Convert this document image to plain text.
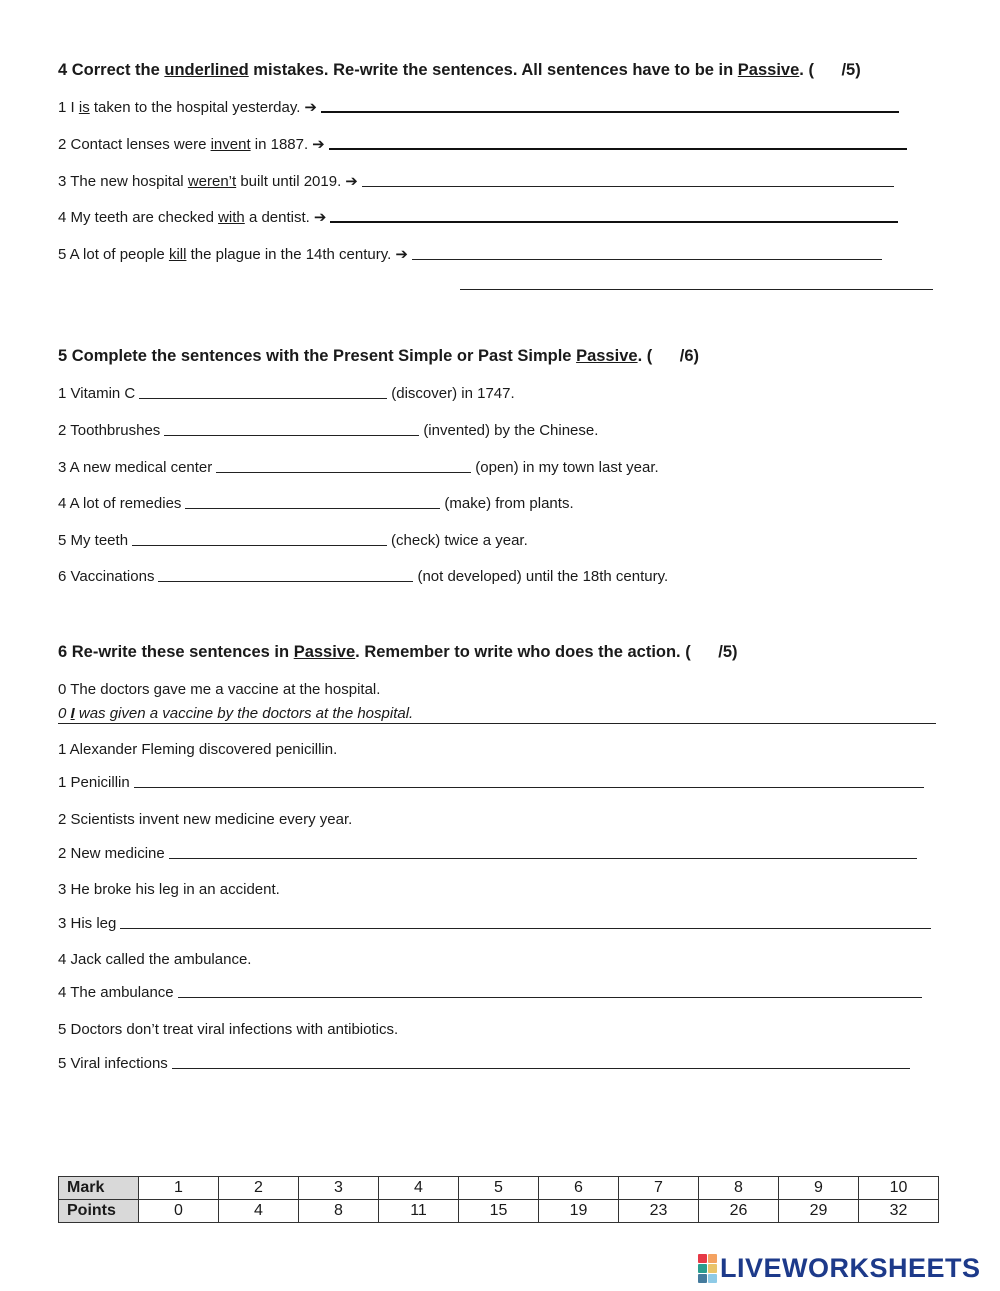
4 Correct the underlined mistakes. Re-write the sentences. All sentences have to be in Passive. (      /5)
1 I is taken to the hospital yesterday. ➔
2 Contact lenses were invent in 1887. ➔
3 The new hospital weren’t built until 2019. ➔
4 My teeth are checked with a dentist. ➔
5 A lot of people kill the plague in the 14th century. ➔
5 Complete the sentences with the Present Simple or Past Simple Passive. (      /6)
1 Vitamin C	(discover) in 1747.
2 Toothbrushes	(invented) by the Chinese.
3 A new medical center	(open) in my town last year.
4 A lot of remedies	(make) from plants.
5 My teeth	(check) twice a year.
6 Vaccinations	(not developed) until the 18th century.
6 Re-write these sentences in Passive. Remember to write who does the action. (      /5)
0 The doctors gave me a vaccine at the hospital.
0 I was given a vaccine by the doctors at the hospital.
1 Alexander Fleming discovered penicillin.
1 Penicillin
2 Scientists invent new medicine every year.
2 New medicine
3 He broke his leg in an accident.
3 His leg
4 Jack called the ambulance.
4 The ambulance
5 Doctors don’t treat viral infections with antibiotics.
5 Viral infections
Mark	1	2	3	4	5	6	7	8	9	10
Points	0	4	8	11	15	19	23	26	29	32
LIVEWORKSHEETS
